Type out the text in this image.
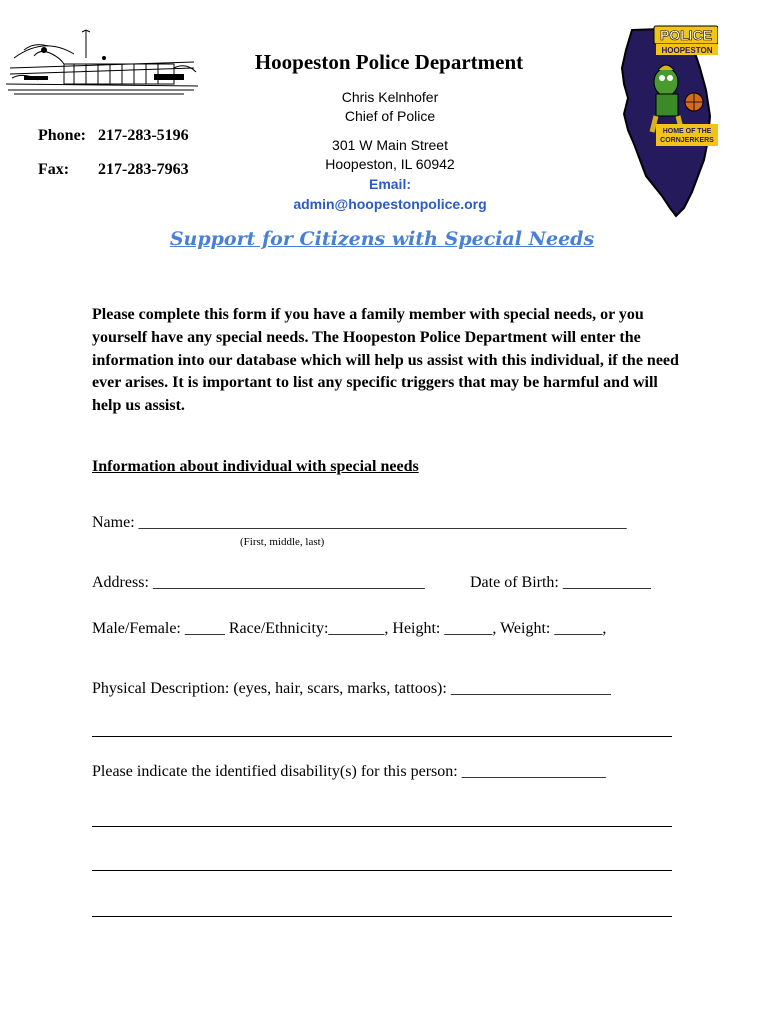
Hoopeston Police Department
Chris Kelnhofer
Chief of Police
301 W Main Street
Hoopeston, IL 60942
Email:
admin@hoopestonpolice.org
Phone: 217-283-5196
Fax: 217-283-7963
POLICE
HOOPESTON
HOME OF THE
CORNJERKERS
Support for Citizens with Special Needs
Please complete this form if you have a family member with special needs, or you yourself have any special needs. The Hoopeston Police Department will enter the information into our database which will help us assist with this individual, if the need ever arises. It is important to list any specific triggers that may be harmful and will help us assist.
Information about individual with special needs
Name: _____________________________________________________________
(First, middle, last)
Address: __________________________________	Date of Birth: ___________
Male/Female: _____ Race/Ethnicity:_______, Height: ______, Weight: ______,
Physical Description: (eyes, hair, scars, marks, tattoos): ____________________
Please indicate the identified disability(s) for this person: __________________
